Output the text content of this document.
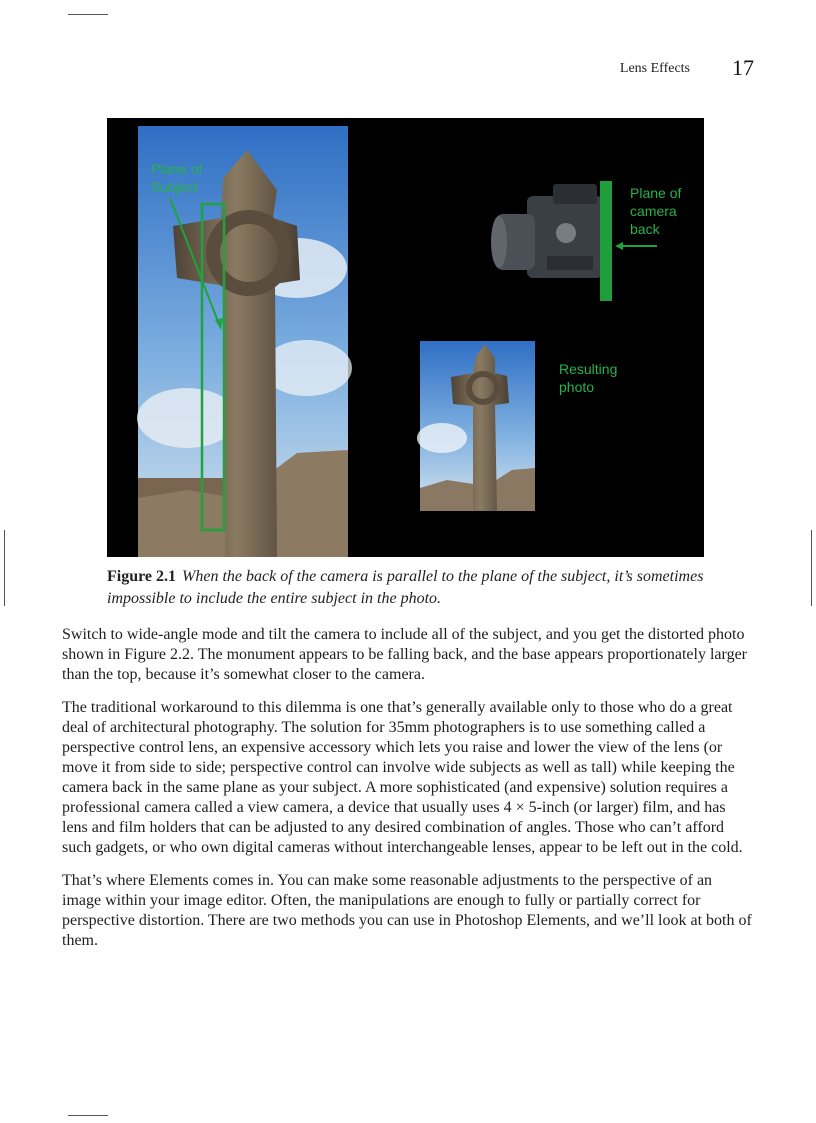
Lens Effects 17
Plane of
Subject	Plane of
camera
back
Resulting
photo
Figure 2.1 When the back of the camera is parallel to the plane of the subject, it’s sometimes impossible to include the entire subject in the photo.

Switch to wide-angle mode and tilt the camera to include all of the subject, and you get the distorted photo shown in Figure 2.2. The monument appears to be falling back, and the base appears proportionately larger than the top, because it’s somewhat closer to the camera.

The traditional workaround to this dilemma is one that’s generally available only to those who do a great deal of architectural photography. The solution for 35mm photographers is to use something called a perspective control lens, an expensive accessory which lets you raise and lower the view of the lens (or move it from side to side; perspective control can involve wide subjects as well as tall) while keeping the camera back in the same plane as your subject. A more sophisticated (and expensive) solution requires a professional camera called a view camera, a device that usually uses 4 × 5-inch (or larger) film, and has lens and film holders that can be adjusted to any desired combination of angles. Those who can’t afford such gadgets, or who own digital cameras without interchangeable lenses, appear to be left out in the cold.

That’s where Elements comes in. You can make some reasonable adjustments to the perspective of an image within your image editor. Often, the manipulations are enough to fully or partially correct for perspective distortion. There are two methods you can use in Photoshop Elements, and we’ll look at both of them.
